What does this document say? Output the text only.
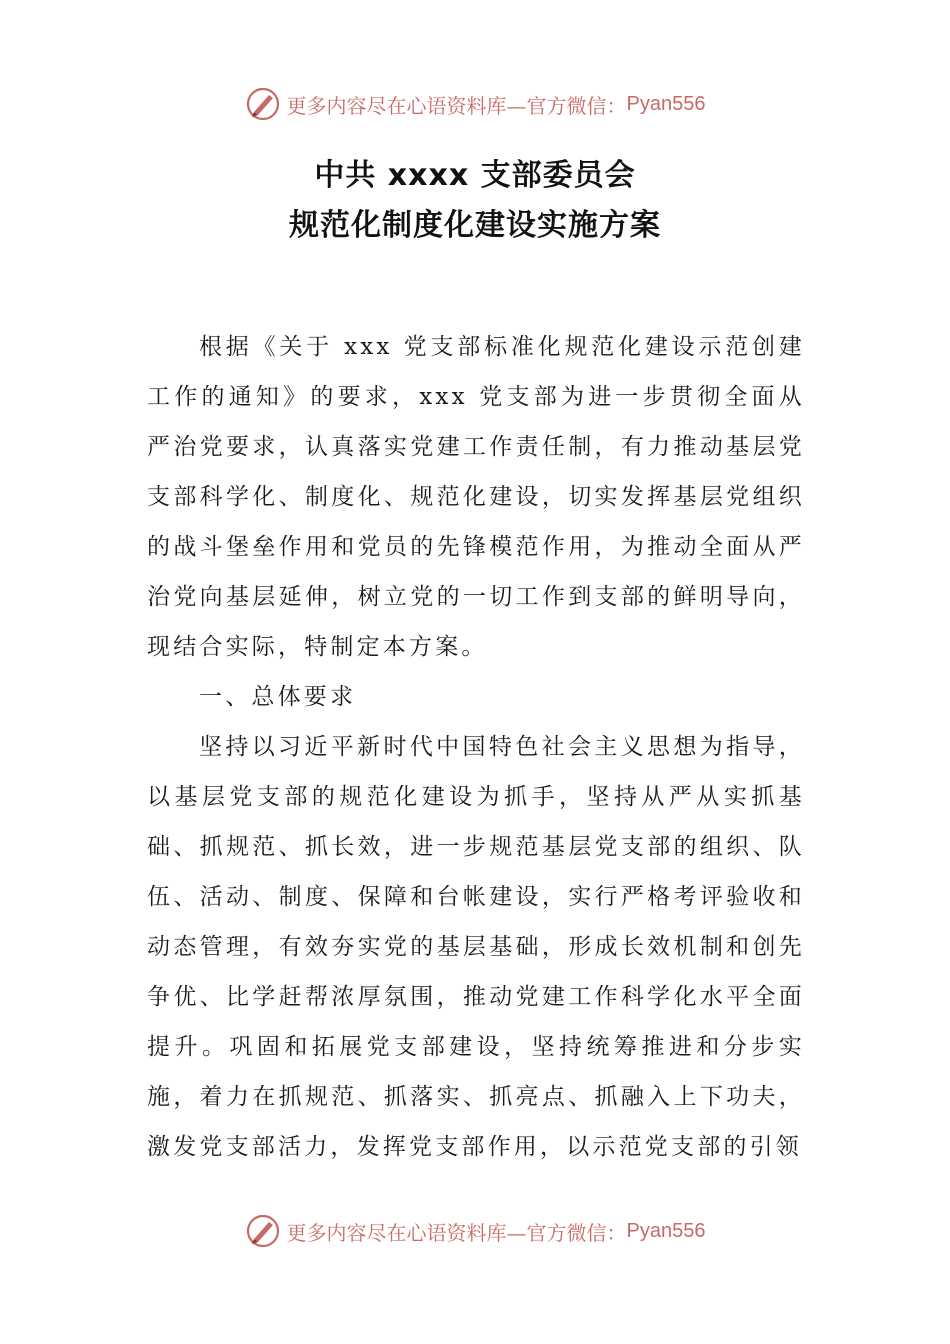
更多内容尽在心语资料库—官方微信： Pyan556
中共 xxxx 支部委员会
规范化制度化建设实施方案

根据《关于 xxx 党支部标准化规范化建设示范创建工作的通知》的要求，xxx 党支部为进一步贯彻全面从严治党要求，认真落实党建工作责任制，有力推动基层党支部科学化、制度化、规范化建设，切实发挥基层党组织的战斗堡垒作用和党员的先锋模范作用，为推动全面从严治党向基层延伸，树立党的一切工作到支部的鲜明导向，现结合实际，特制定本方案。

一、总体要求

坚持以习近平新时代中国特色社会主义思想为指导，以基层党支部的规范化建设为抓手，坚持从严从实抓基础、抓规范、抓长效，进一步规范基层党支部的组织、队伍、活动、制度、保障和台帐建设，实行严格考评验收和动态管理，有效夯实党的基层基础，形成长效机制和创先争优、比学赶帮浓厚氛围，推动党建工作科学化水平全面提升。巩固和拓展党支部建设，坚持统筹推进和分步实施，着力在抓规范、抓落实、抓亮点、抓融入上下功夫，激发党支部活力，发挥党支部作用，以示范党支部的引领

更多内容尽在心语资料库—官方微信： Pyan556
